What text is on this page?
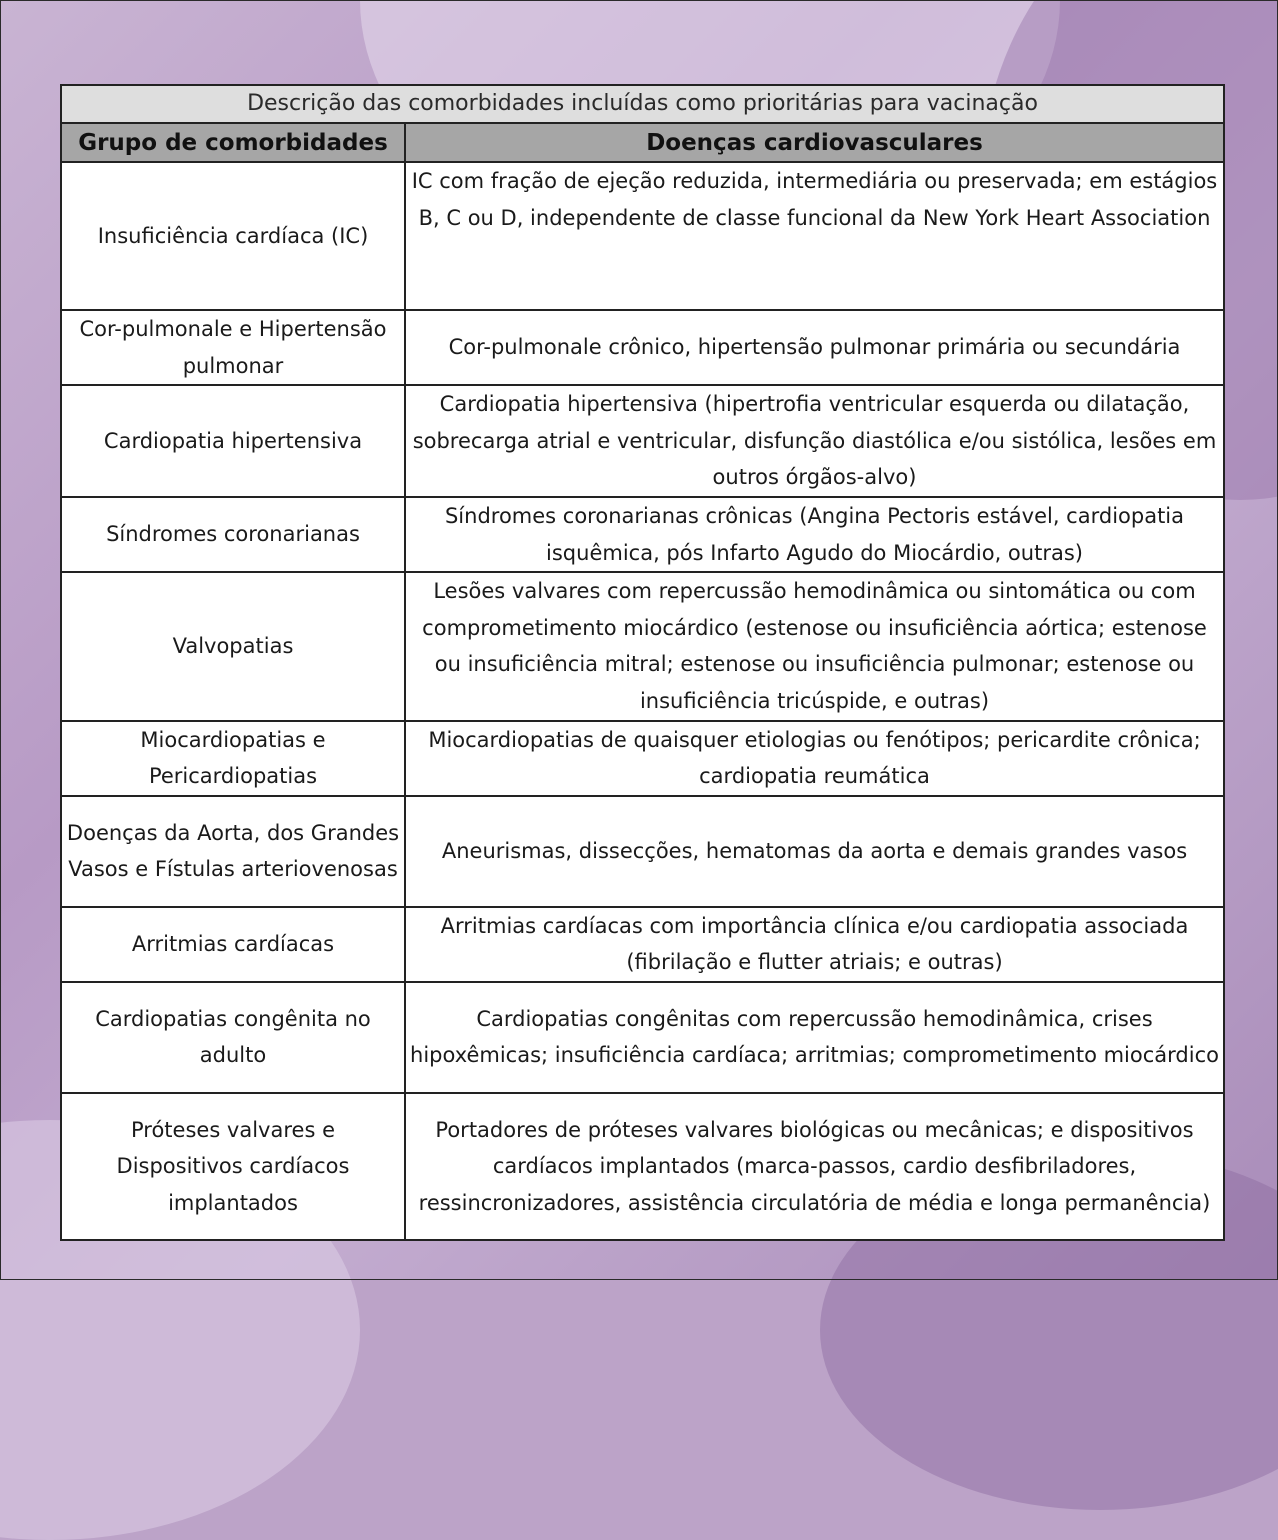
Descrição das comorbidades incluídas como prioritárias para vacinação	
Grupo de comorbidades	Doenças cardiovasculares
Insuficiência cardíaca (IC)	IC com fração de ejeção reduzida, intermediária ou preservada; em estágios B, C ou D, independente de classe funcional da New York Heart Association
Cor-pulmonale e Hipertensão pulmonar	Cor-pulmonale crônico, hipertensão pulmonar primária ou secundária
Cardiopatia hipertensiva	Cardiopatia hipertensiva (hipertrofia ventricular esquerda ou dilatação, sobrecarga atrial e ventricular, disfunção diastólica e/ou sistólica, lesões em outros órgãos-alvo)
Síndromes coronarianas	Síndromes coronarianas crônicas (Angina Pectoris estável, cardiopatia isquêmica, pós Infarto Agudo do Miocárdio, outras)
Valvopatias	Lesões valvares com repercussão hemodinâmica ou sintomática ou com comprometimento miocárdico (estenose ou insuficiência aórtica; estenose ou insuficiência mitral; estenose ou insuficiência pulmonar; estenose ou insuficiência tricúspide, e outras)
Miocardiopatias e Pericardiopatias	Miocardiopatias de quaisquer etiologias ou fenótipos; pericardite crônica; cardiopatia reumática
Doenças da Aorta, dos Grandes Vasos e Fístulas arteriovenosas	Aneurismas, dissecções, hematomas da aorta e demais grandes vasos
Arritmias cardíacas	Arritmias cardíacas com importância clínica e/ou cardiopatia associada (fibrilação e flutter atriais; e outras)
Cardiopatias congênita no adulto	Cardiopatias congênitas com repercussão hemodinâmica, crises hipoxêmicas; insuficiência cardíaca; arritmias; comprometimento miocárdico
Próteses valvares e Dispositivos cardíacos implantados	Portadores de próteses valvares biológicas ou mecânicas; e dispositivos cardíacos implantados (marca-passos, cardio desfibriladores, ressincronizadores, assistência circulatória de média e longa permanência)
